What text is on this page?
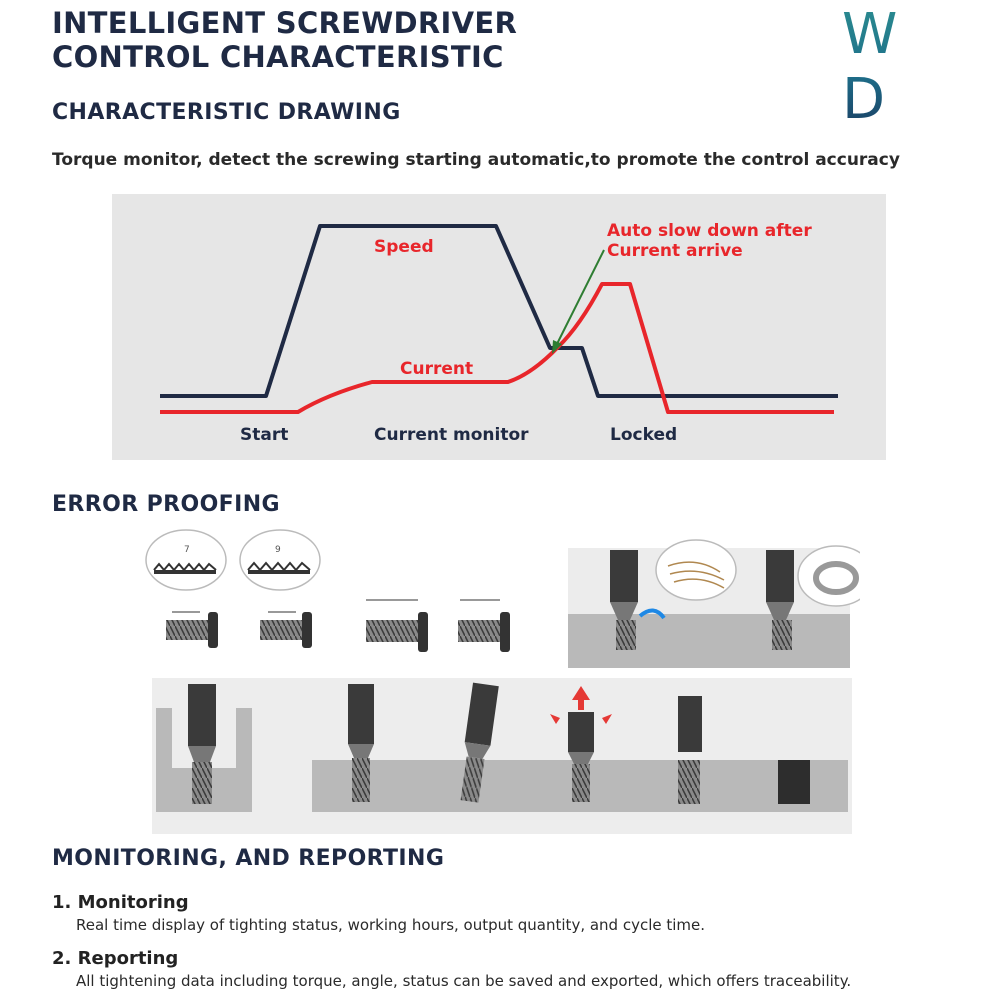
INTELLIGENT SCREWDRIVER
CONTROL CHARACTERISTIC	W D
CHARACTERISTIC DRAWING

Torque monitor, detect the screwing starting automatic,to promote the control accuracy

Speed
Current
Auto slow down after
Current arrive
Start	Current monitor	Locked
ERROR PROOFING
7	9
MONITORING, AND REPORTING

1. Monitoring

Real time display of tighting status, working hours, output quantity, and cycle time.

2. Reporting

All tightening data including torque, angle, status can be saved and exported, which offers traceability.
